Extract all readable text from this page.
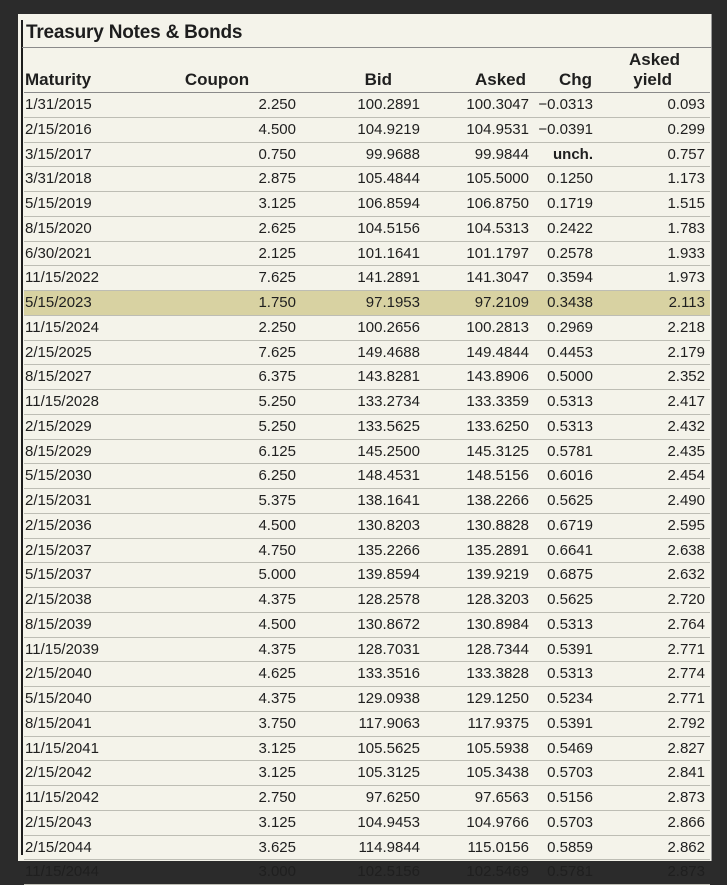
Treasury Notes & Bonds
Maturity	Coupon	Bid	Asked	Chg	Asked
yield
1/31/2015	2.250	100.2891	100.3047	−0.0313	0.093
2/15/2016	4.500	104.9219	104.9531	−0.0391	0.299
3/15/2017	0.750	99.9688	99.9844	unch.	0.757
3/31/2018	2.875	105.4844	105.5000	0.1250	1.173
5/15/2019	3.125	106.8594	106.8750	0.1719	1.515
8/15/2020	2.625	104.5156	104.5313	0.2422	1.783
6/30/2021	2.125	101.1641	101.1797	0.2578	1.933
11/15/2022	7.625	141.2891	141.3047	0.3594	1.973
5/15/2023	1.750	97.1953	97.2109	0.3438	2.113
11/15/2024	2.250	100.2656	100.2813	0.2969	2.218
2/15/2025	7.625	149.4688	149.4844	0.4453	2.179
8/15/2027	6.375	143.8281	143.8906	0.5000	2.352
11/15/2028	5.250	133.2734	133.3359	0.5313	2.417
2/15/2029	5.250	133.5625	133.6250	0.5313	2.432
8/15/2029	6.125	145.2500	145.3125	0.5781	2.435
5/15/2030	6.250	148.4531	148.5156	0.6016	2.454
2/15/2031	5.375	138.1641	138.2266	0.5625	2.490
2/15/2036	4.500	130.8203	130.8828	0.6719	2.595
2/15/2037	4.750	135.2266	135.2891	0.6641	2.638
5/15/2037	5.000	139.8594	139.9219	0.6875	2.632
2/15/2038	4.375	128.2578	128.3203	0.5625	2.720
8/15/2039	4.500	130.8672	130.8984	0.5313	2.764
11/15/2039	4.375	128.7031	128.7344	0.5391	2.771
2/15/2040	4.625	133.3516	133.3828	0.5313	2.774
5/15/2040	4.375	129.0938	129.1250	0.5234	2.771
8/15/2041	3.750	117.9063	117.9375	0.5391	2.792
11/15/2041	3.125	105.5625	105.5938	0.5469	2.827
2/15/2042	3.125	105.3125	105.3438	0.5703	2.841
11/15/2042	2.750	97.6250	97.6563	0.5156	2.873
2/15/2043	3.125	104.9453	104.9766	0.5703	2.866
2/15/2044	3.625	114.9844	115.0156	0.5859	2.862
11/15/2044	3.000	102.5156	102.5469	0.5781	2.873
